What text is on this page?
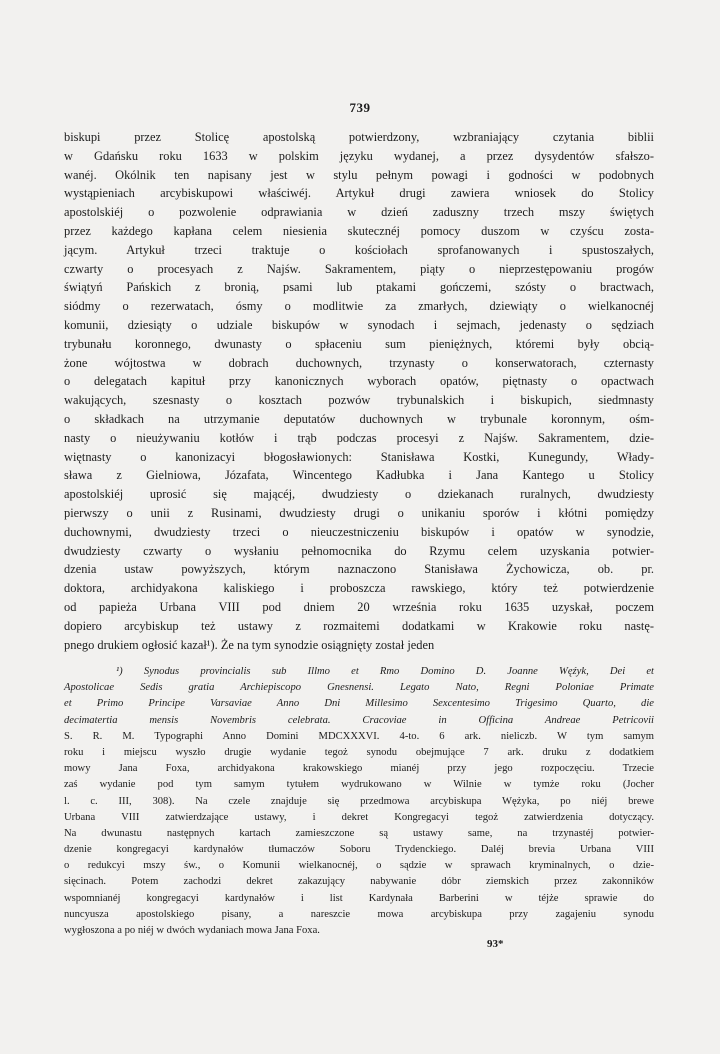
739
biskupi przez Stolicę apostolską potwierdzony, wzbraniający czytania biblii
w Gdańsku roku 1633 w polskim języku wydanej, a przez dysydentów sfałszo-
wanéj. Okólnik ten napisany jest w stylu pełnym powagi i godności w podobnych
wystąpieniach arcybiskupowi właściwéj. Artykuł drugi zawiera wniosek do Stolicy
apostolskiéj o pozwolenie odprawiania w dzień zaduszny trzech mszy świętych
przez każdego kapłana celem niesienia skutecznéj pomocy duszom w czyścu zosta-
jącym. Artykuł trzeci traktuje o kościołach sprofanowanych i spustoszałych,
czwarty o procesyach z Najśw. Sakramentem, piąty o nieprzestępowaniu progów
świątyń Pańskich z bronią, psami lub ptakami gończemi, szósty o bractwach,
siódmy o rezerwatach, ósmy o modlitwie za zmarłych, dziewiąty o wielkanocnéj
komunii, dziesiąty o udziale biskupów w synodach i sejmach, jedenasty o sędziach
trybunału koronnego, dwunasty o spłaceniu sum pieniężnych, któremi były obcią-
żone wójtostwa w dobrach duchownych, trzynasty o konserwatorach, czternasty
o delegatach kapituł przy kanonicznych wyborach opatów, piętnasty o opactwach
wakujących, szesnasty o kosztach pozwów trybunalskich i biskupich, siedmnasty
o składkach na utrzymanie deputatów duchownych w trybunale koronnym, ośm-
nasty o nieużywaniu kotłów i trąb podczas procesyi z Najśw. Sakramentem, dzie-
więtnasty o kanonizacyi błogosławionych: Stanisława Kostki, Kunegundy, Włady-
sława z Gielniowa, Józafata, Wincentego Kadłubka i Jana Kantego u Stolicy
apostolskiéj uprosić się mającéj, dwudziesty o dziekanach ruralnych, dwudziesty
pierwszy o unii z Rusinami, dwudziesty drugi o unikaniu sporów i kłótni pomiędzy
duchownymi, dwudziesty trzeci o nieuczestniczeniu biskupów i opatów w synodzie,
dwudziesty czwarty o wysłaniu pełnomocnika do Rzymu celem uzyskania potwier-
dzenia ustaw powyższych, którym naznaczono Stanisława Żychowicza, ob. pr.
doktora, archidyakona kaliskiego i proboszcza rawskiego, który też potwierdzenie
od papieża Urbana VIII pod dniem 20 września roku 1635 uzyskał, poczem
dopiero arcybiskup też ustawy z rozmaitemi dodatkami w Krakowie roku nastę-
pnego drukiem ogłosić kazał¹). Że na tym synodzie osiągnięty został jeden
¹) Synodus provincialis sub Illmo et Rmo Domino D. Joanne Węźyk, Dei et
Apostolicae Sedis gratia Archiepiscopo Gnesnensi. Legato Nato, Regni Poloniae Primate
et Primo Principe Varsaviae Anno Dni Millesimo Sexcentesimo Trigesimo Quarto, die
decimatertia mensis Novembris celebrata. Cracoviae in Officina Andreae Petricovii
S. R. M. Typographi Anno Domini MDCXXXVI. 4-to. 6 ark. nieliczb. W tym samym
roku i miejscu wyszło drugie wydanie tegoż synodu obejmujące 7 ark. druku z dodatkiem
mowy Jana Foxa, archidyakona krakowskiego mianéj przy jego rozpoczęciu. Trzecie
zaś wydanie pod tym samym tytułem wydrukowano w Wilnie w tymże roku (Jocher
l. c. III, 308). Na czele znajduje się przedmowa arcybiskupa Wężyka, po niéj brewe
Urbana VIII zatwierdzające ustawy, i dekret Kongregacyi tegoż zatwierdzenia dotyczący.
Na dwunastu następnych kartach zamieszczone są ustawy same, na trzynastéj potwier-
dzenie kongregacyi kardynałów tłumaczów Soboru Trydenckiego. Daléj brevia Urbana VIII
o redukcyi mszy św., o Komunii wielkanocnéj, o sądzie w sprawach kryminalnych, o dzie-
sięcinach. Potem zachodzi dekret zakazujący nabywanie dóbr ziemskich przez zakonników
wspomnianéj kongregacyi kardynałów i list Kardynała Barberini w téjże sprawie do
nuncyusza apostolskiego pisany, a nareszcie mowa arcybiskupa przy zagajeniu synodu
wygłoszona a po niéj w dwóch wydaniach mowa Jana Foxa.
93*
